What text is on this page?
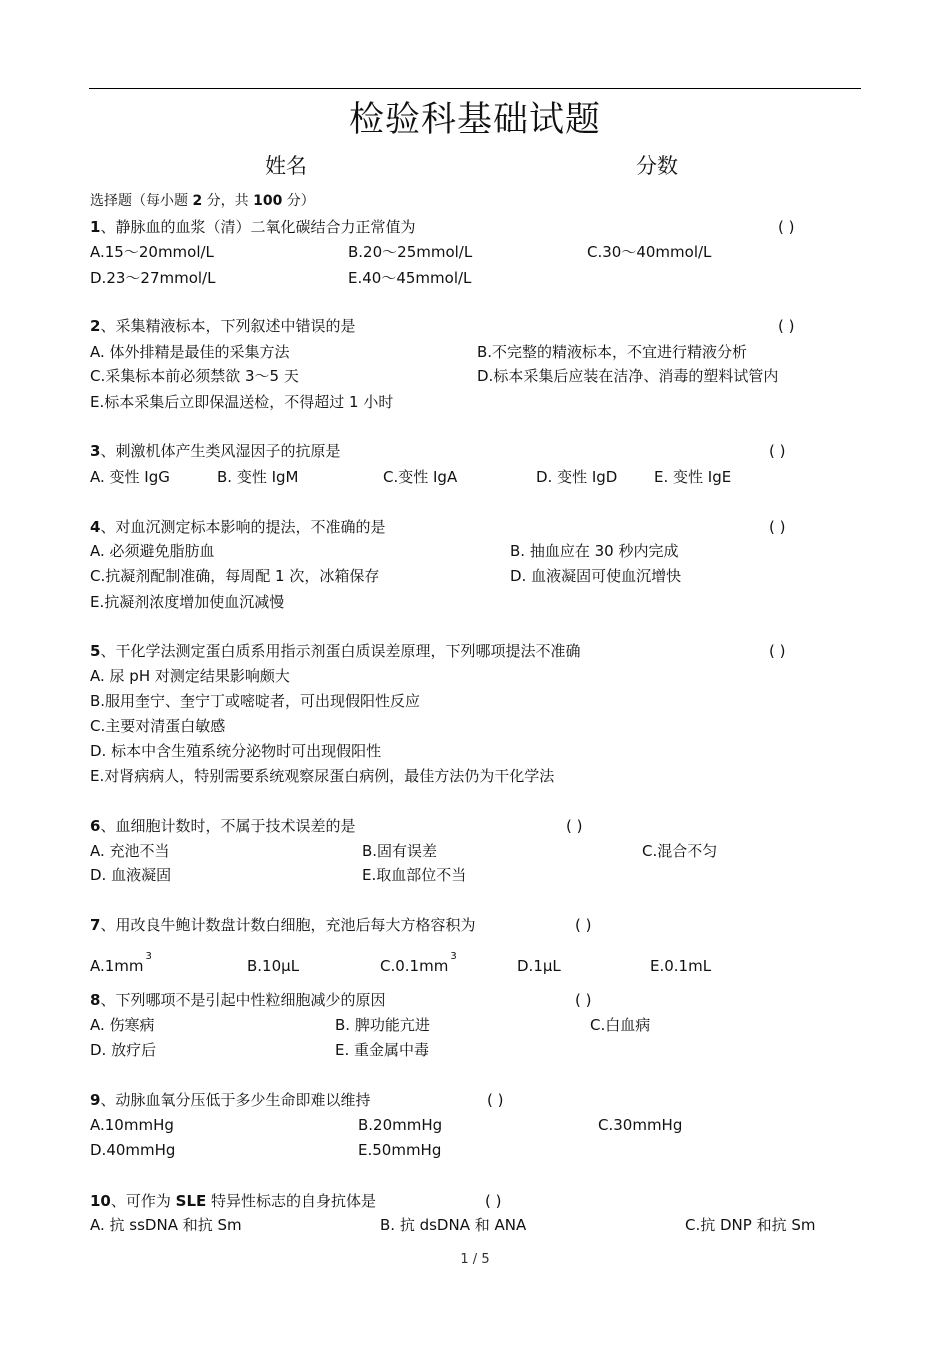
检验科基础试题
姓名	分数
选择题（每小题 2 分，共 100 分）
1、静脉血的血浆（清）二氧化碳结合力正常值为	( )
A.15～20mmol/L	B.20～25mmol/L	C.30～40mmol/L
D.23～27mmol/L	E.40～45mmol/L
2、采集精液标本，下列叙述中错误的是	( )
A. 体外排精是最佳的采集方法	B.不完整的精液标本，不宜进行精液分析
C.采集标本前必须禁欲 3～5 天	D.标本采集后应装在洁净、消毒的塑料试管内
E.标本采集后立即保温送检，不得超过 1 小时
3、刺激机体产生类风湿因子的抗原是	( )
A. 变性 IgG	B. 变性 IgM	C.变性 IgA	D. 变性 IgD E. 变性 IgE
4、对血沉测定标本影响的提法，不准确的是	( )
A. 必须避免脂肪血	B. 抽血应在 30 秒内完成
C.抗凝剂配制准确，每周配 1 次，冰箱保存	D. 血液凝固可使血沉增快
E.抗凝剂浓度增加使血沉减慢
5、干化学法测定蛋白质系用指示剂蛋白质误差原理，下列哪项提法不准确	( )
A. 尿 pH 对测定结果影响颇大
B.服用奎宁、奎宁丁或嘧啶者，可出现假阳性反应
C.主要对清蛋白敏感
D. 标本中含生殖系统分泌物时可出现假阳性
E.对肾病病人，特别需要系统观察尿蛋白病例，最佳方法仍为干化学法
6、血细胞计数时，不属于技术误差的是	( )
A. 充池不当	B.固有误差	C.混合不匀
D. 血液凝固	E.取血部位不当
7、用改良牛鲍计数盘计数白细胞，充池后每大方格容积为	( )
$A.1mm^3$
B.10μL	$C.0.1mm^3$
D.1μL	E.0.1mL
8、下列哪项不是引起中性粒细胞减少的原因	( )
A. 伤寒病	B. 脾功能亢进	C.白血病
D. 放疗后	E. 重金属中毒
9、动脉血氧分压低于多少生命即难以维持	( )
A.10mmHg	B.20mmHg	C.30mmHg
D.40mmHg	E.50mmHg
10、可作为 SLE 特异性标志的自身抗体是	( )
A. 抗 ssDNA 和抗 Sm	B. 抗 dsDNA 和 ANA	C.抗 DNP 和抗 Sm
1 / 5
